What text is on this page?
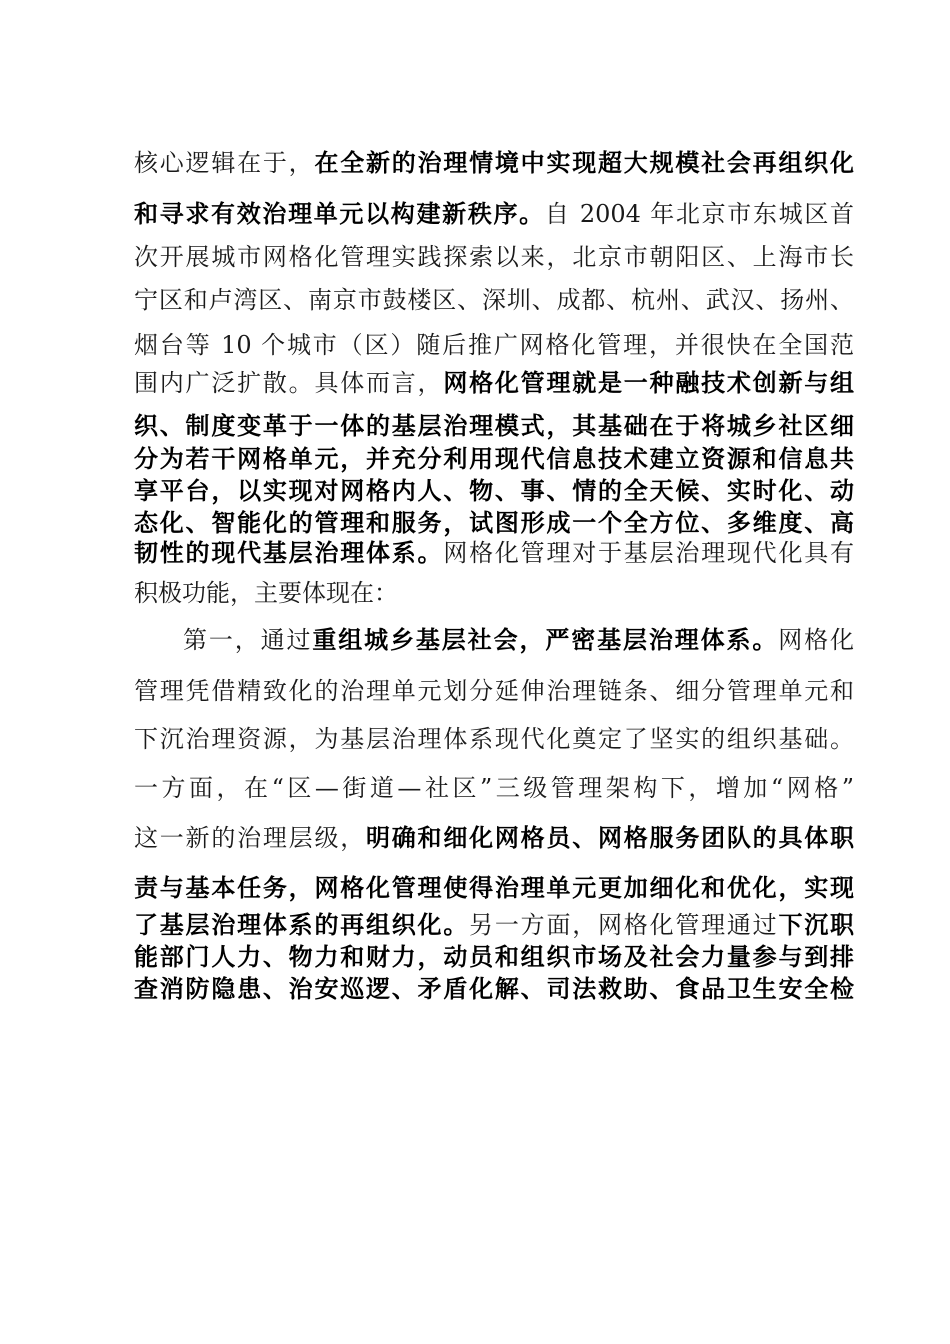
核心逻辑在于，在全新的治理情境中实现超大规模社会再组织化
和寻求有效治理单元以构建新秩序。自 2004 年北京市东城区首
次开展城市网格化管理实践探索以来，北京市朝阳区、上海市长
宁区和卢湾区、南京市鼓楼区、深圳、成都、杭州、武汉、扬州、
烟台等 10 个城市（区）随后推广网格化管理，并很快在全国范
围内广泛扩散。具体而言，网格化管理就是一种融技术创新与组
织、制度变革于一体的基层治理模式，其基础在于将城乡社区细
分为若干网格单元，并充分利用现代信息技术建立资源和信息共
享平台，以实现对网格内人、物、事、情的全天候、实时化、动
态化、智能化的管理和服务，试图形成一个全方位、多维度、高
韧性的现代基层治理体系。网格化管理对于基层治理现代化具有
积极功能，主要体现在：
第一，通过重组城乡基层社会，严密基层治理体系。网格化
管理凭借精致化的治理单元划分延伸治理链条、细分管理单元和
下沉治理资源，为基层治理体系现代化奠定了坚实的组织基础。
一方面，在“区—街道—社区”三级管理架构下，增加“网格”
这一新的治理层级，明确和细化网格员、网格服务团队的具体职
责与基本任务，网格化管理使得治理单元更加细化和优化，实现
了基层治理体系的再组织化。另一方面，网格化管理通过下沉职
能部门人力、物力和财力，动员和组织市场及社会力量参与到排
查消防隐患、治安巡逻、矛盾化解、司法救助、食品卫生安全检
